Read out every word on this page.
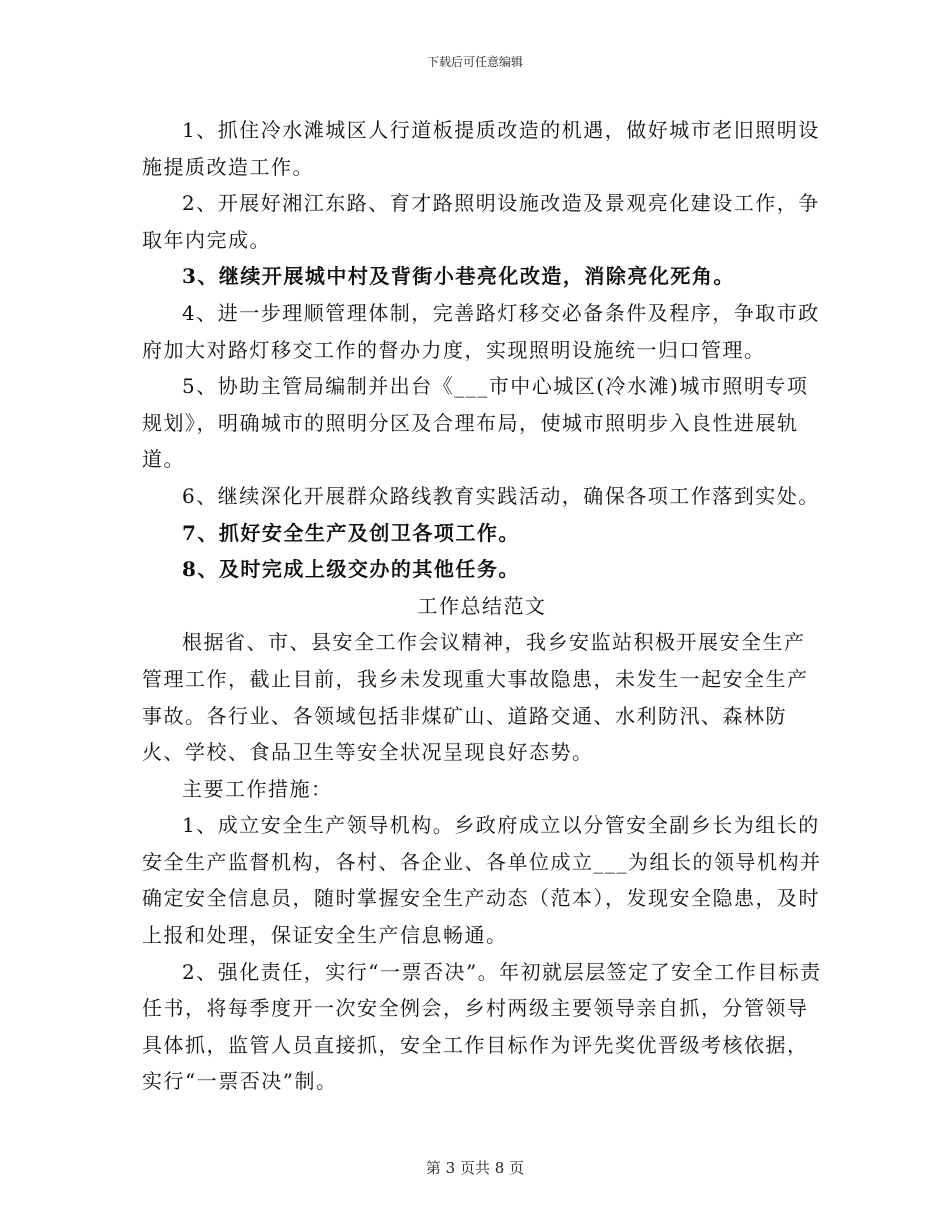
下载后可任意编辑

1、抓住冷水滩城区人行道板提质改造的机遇，做好城市老旧照明设施提质改造工作。

2、开展好湘江东路、育才路照明设施改造及景观亮化建设工作，争取年内完成。

3、继续开展城中村及背街小巷亮化改造，消除亮化死角。

4、进一步理顺管理体制，完善路灯移交必备条件及程序，争取市政府加大对路灯移交工作的督办力度，实现照明设施统一归口管理。

5、协助主管局编制并出台《___市中心城区(冷水滩)城市照明专项规划》，明确城市的照明分区及合理布局，使城市照明步入良性进展轨道。

6、继续深化开展群众路线教育实践活动，确保各项工作落到实处。

7、抓好安全生产及创卫各项工作。

8、及时完成上级交办的其他任务。

工作总结范文

根据省、市、县安全工作会议精神，我乡安监站积极开展安全生产管理工作，截止目前，我乡未发现重大事故隐患，未发生一起安全生产事故。各行业、各领域包括非煤矿山、道路交通、水利防汛、森林防火、学校、食品卫生等安全状况呈现良好态势。

主要工作措施：

1、成立安全生产领导机构。乡政府成立以分管安全副乡长为组长的安全生产监督机构，各村、各企业、各单位成立___为组长的领导机构并确定安全信息员，随时掌握安全生产动态（范本），发现安全隐患，及时上报和处理，保证安全生产信息畅通。

2、强化责任，实行“一票否决”。年初就层层签定了安全工作目标责任书，将每季度开一次安全例会，乡村两级主要领导亲自抓，分管领导具体抓，监管人员直接抓，安全工作目标作为评先奖优晋级考核依据，实行“一票否决”制。

第 3 页共 8 页
